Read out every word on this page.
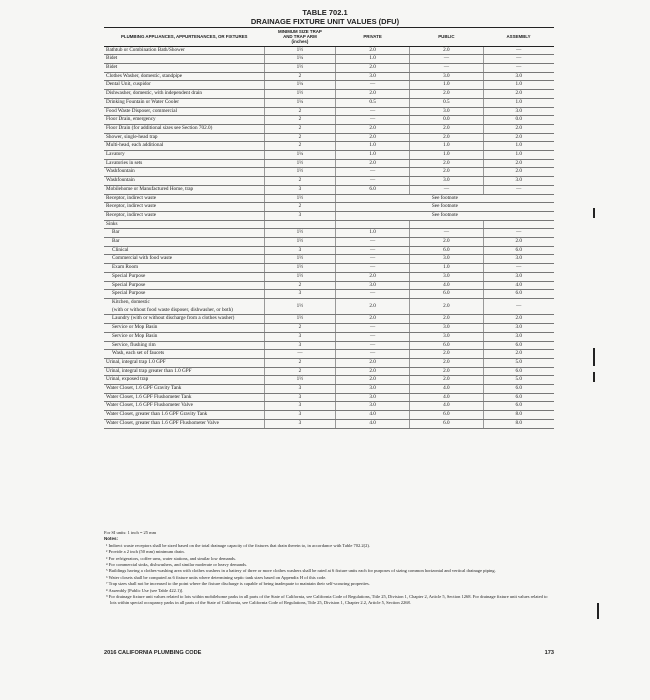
TABLE 702.1
DRAINAGE FIXTURE UNIT VALUES (DFU)
PLUMBING APPLIANCES, APPURTENANCES, OR FIXTURES	MINIMUM SIZE TRAP
AND TRAP ARM
(inches)	PRIVATE	PUBLIC	ASSEMBLY

Bathtub or Combination Bath/Shower	1½	2.0	2.0	—

Bidet	1¼	1.0	—	—

Bidet	1½	2.0	—	—

Clothes Washer, domestic, standpipe	2	3.0	3.0	3.0

Dental Unit, cuspidor	1¼	—	1.0	1.0

Dishwasher, domestic, with independent drain	1½	2.0	2.0	2.0

Drinking Fountain or Water Cooler	1¼	0.5	0.5	1.0

Food Waste Disposer, commercial	2	—	3.0	3.0

Floor Drain, emergency	2	—	0.0	0.0

Floor Drain (for additional sizes see Section 702.0)	2	2.0	2.0	2.0

Shower, single-head trap	2	2.0	2.0	2.0

Multi-head, each additional	2	1.0	1.0	1.0

Lavatory	1¼	1.0	1.0	1.0

Lavatories in sets	1½	2.0	2.0	2.0

Washfountain	1½	—	2.0	2.0

Washfountain	2	—	3.0	3.0

Mobilehome or Manufactured Home, trap	3	6.0	—	—

Receptor, indirect waste	1½	See footnote		

Receptor, indirect waste	2	See footnote		

Receptor, indirect waste	3	See footnote		

Sinks				

Bar	1½	1.0	—	—

Bar	1½	—	2.0	2.0

Clinical	3	—	6.0	6.0

Commercial with food waste	1½	—	3.0	3.0

Exam Room	1½	—	1.0	—

Special Purpose	1½	2.0	3.0	3.0

Special Purpose	2	3.0	4.0	4.0

Special Purpose	3	—	6.0	6.0

Kitchen, domestic
(with or without food waste disposer, dishwasher, or both)	1½	2.0	2.0	—

Laundry (with or without discharge from a clothes washer)	1½	2.0	2.0	2.0

Service or Mop Basin	2	—	3.0	3.0

Service or Mop Basin	3	—	3.0	3.0

Service, flushing rim	3	—	6.0	6.0

Wash, each set of faucets	—	—	2.0	2.0

Urinal, integral trap 1.0 GPF	2	2.0	2.0	5.0

Urinal, integral trap greater than 1.0 GPF	2	2.0	2.0	6.0

Urinal, exposed trap	1½	2.0	2.0	5.0

Water Closet, 1.6 GPF Gravity Tank	3	3.0	4.0	6.0

Water Closet, 1.6 GPF Flushometer Tank	3	3.0	4.0	6.0

Water Closet, 1.6 GPF Flushometer Valve	3	3.0	4.0	6.0

Water Closet, greater than 1.6 GPF Gravity Tank	3	4.0	6.0	8.0

Water Closet, greater than 1.6 GPF Flushometer Valve	3	4.0	6.0	8.0
For SI units: 1 inch = 25 mm
Notes:
¹ Indirect waste receptors shall be sized based on the total drainage capacity of the fixtures that drain therein to, in accordance with Table 702.2(2).
² Provide a 2 inch (50 mm) minimum drain.
³ For refrigerators, coffee urns, water stations, and similar low demands.
⁴ For commercial sinks, dishwashers, and similar moderate or heavy demands.
⁵ Buildings having a clothes-washing area with clothes washers in a battery of three or more clothes washers shall be rated at 6 fixture units each for purposes of sizing common horizontal and vertical drainage piping.
⁶ Water closets shall be computed as 6 fixture units where determining septic tank sizes based on Appendix H of this code.
⁷ Trap sizes shall not be increased to the point where the fixture discharge is capable of being inadequate to maintain their self-scouring properties.
⁸ Assembly [Public Use (see Table 422.1)].
⁹ For drainage fixture unit values related to lots within mobilehome parks in all parts of the State of California, see California Code of Regulations, Title 25, Division 1, Chapter 2, Article 5, Section 1268. For drainage fixture unit values related to lots within special occupancy parks in all parts of the State of California, see California Code of Regulations, Title 25, Division 1, Chapter 2.2, Article 5, Section 2268.
2016 CALIFORNIA PLUMBING CODE	173
